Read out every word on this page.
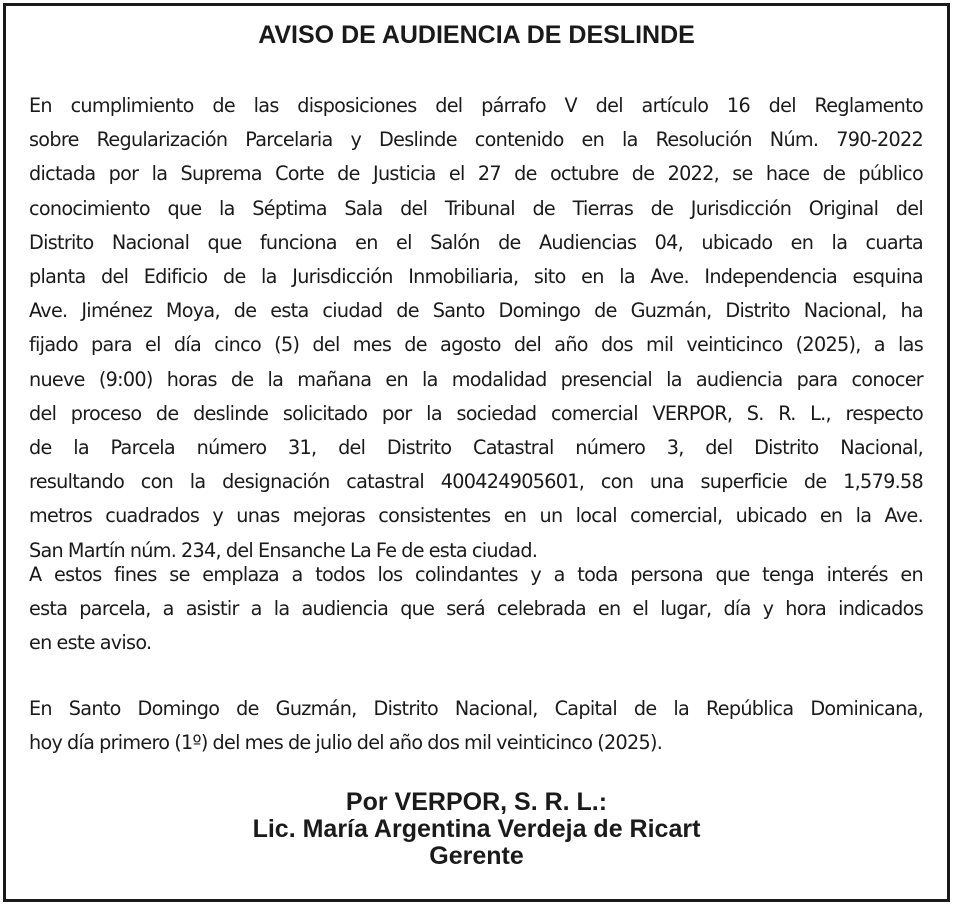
AVISO DE AUDIENCIA DE DESLINDE
En cumplimiento de las disposiciones del párrafo V del artículo 16 del Reglamento
sobre Regularización Parcelaria y Deslinde contenido en la Resolución Núm. 790-2022
dictada por la Suprema Corte de Justicia el 27 de octubre de 2022, se hace de público
conocimiento que la Séptima Sala del Tribunal de Tierras de Jurisdicción Original del
Distrito Nacional que funciona en el Salón de Audiencias 04, ubicado en la cuarta
planta del Edificio de la Jurisdicción Inmobiliaria, sito en la Ave. Independencia esquina
Ave. Jiménez Moya, de esta ciudad de Santo Domingo de Guzmán, Distrito Nacional, ha
fijado para el día cinco (5) del mes de agosto del año dos mil veinticinco (2025), a las
nueve (9:00) horas de la mañana en la modalidad presencial la audiencia para conocer
del proceso de deslinde solicitado por la sociedad comercial VERPOR, S. R. L., respecto
de la Parcela número 31, del Distrito Catastral número 3, del Distrito Nacional,
resultando con la designación catastral 400424905601, con una superficie de 1,579.58
metros cuadrados y unas mejoras consistentes en un local comercial, ubicado en la Ave.
San Martín núm. 234, del Ensanche La Fe de esta ciudad.
A estos fines se emplaza a todos los colindantes y a toda persona que tenga interés en
esta parcela, a asistir a la audiencia que será celebrada en el lugar, día y hora indicados
en este aviso.
En Santo Domingo de Guzmán, Distrito Nacional, Capital de la República Dominicana,
hoy día primero (1º) del mes de julio del año dos mil veinticinco (2025).
Por VERPOR, S. R. L.:
Lic. María Argentina Verdeja de Ricart
Gerente
